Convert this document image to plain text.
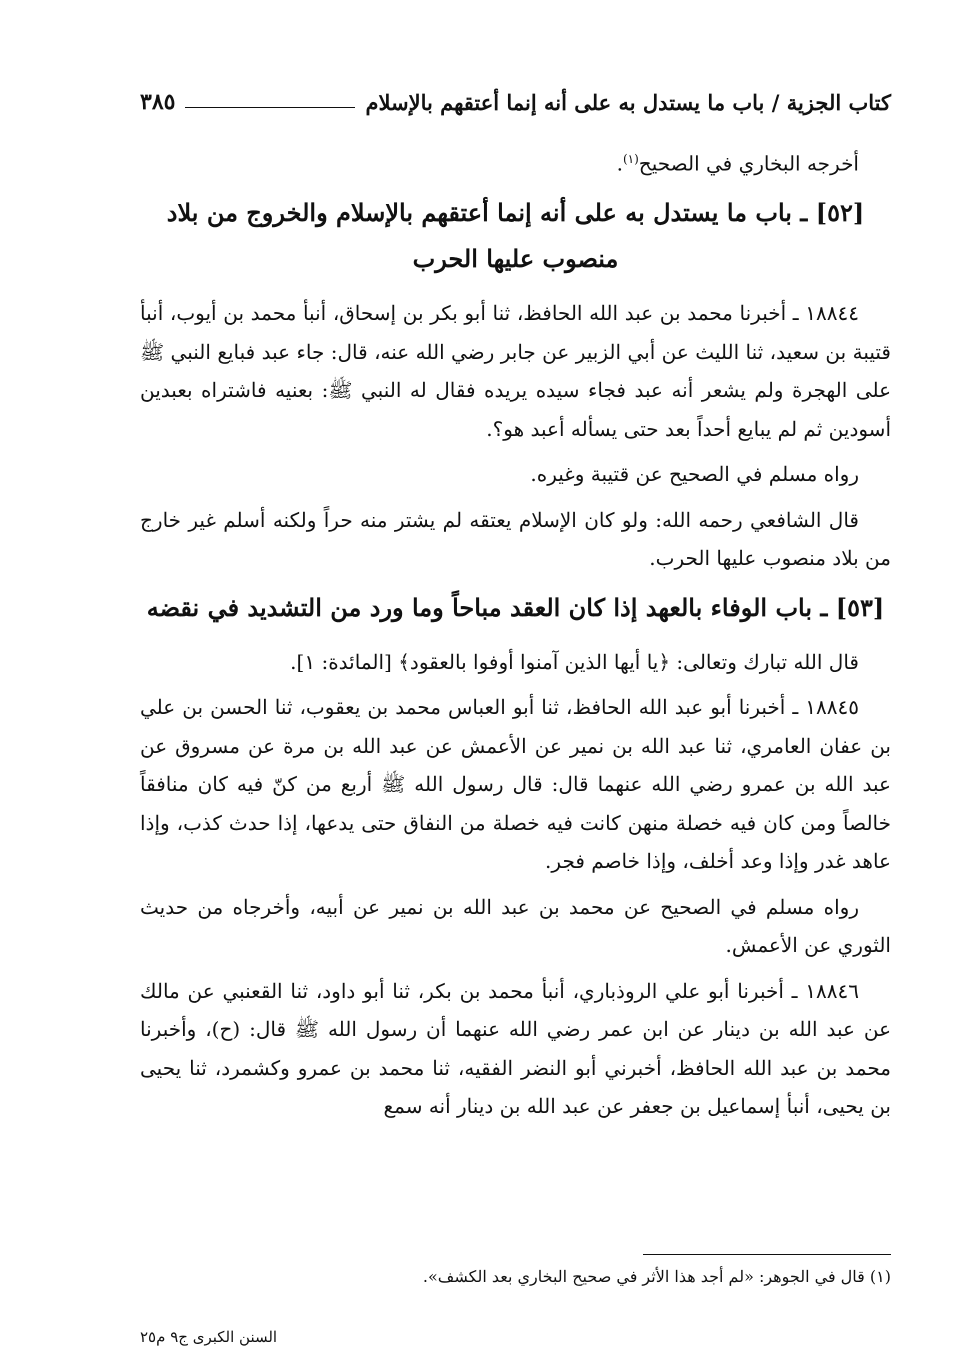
كتاب الجزية / باب ما يستدل به على أنه إنما أعتقهم بالإسلام
٣٨٥

أخرجه البخاري في الصحيح$^{(١)}$.

[٥٢] ـ باب ما يستدل به على أنه إنما أعتقهم بالإسلام والخروج من بلاد منصوب عليها الحرب

١٨٨٤٤ ـ أخبرنا محمد بن عبد الله الحافظ، ثنا أبو بكر بن إسحاق، أنبأ محمد بن أيوب، أنبأ قتيبة بن سعيد، ثنا الليث عن أبي الزبير عن جابر رضي الله عنه، قال: جاء عبد فبايع النبي ﷺ على الهجرة ولم يشعر أنه عبد فجاء سيده يريده فقال له النبي ﷺ: بعنيه فاشتراه بعبدين أسودين ثم لم يبايع أحداً بعد حتى يسأله أعبد هو؟.

رواه مسلم في الصحيح عن قتيبة وغيره.

قال الشافعي رحمه الله: ولو كان الإسلام يعتقه لم يشتر منه حراً ولكنه أسلم غير خارج من بلاد منصوب عليها الحرب.

[٥٣] ـ باب الوفاء بالعهد إذا كان العقد مباحاً وما ورد من التشديد في نقضه

قال الله تبارك وتعالى: ﴿يا أيها الذين آمنوا أوفوا بالعقود﴾ [المائدة: ١].

١٨٨٤٥ ـ أخبرنا أبو عبد الله الحافظ، ثنا أبو العباس محمد بن يعقوب، ثنا الحسن بن علي بن عفان العامري، ثنا عبد الله بن نمير عن الأعمش عن عبد الله بن مرة عن مسروق عن عبد الله بن عمرو رضي الله عنهما قال: قال رسول الله ﷺ أربع من كنّ فيه كان منافقاً خالصاً ومن كان فيه خصلة منهن كانت فيه خصلة من النفاق حتى يدعها، إذا حدث كذب، وإذا عاهد غدر وإذا وعد أخلف، وإذا خاصم فجر.

رواه مسلم في الصحيح عن محمد بن عبد الله بن نمير عن أبيه، وأخرجاه من حديث الثوري عن الأعمش.

١٨٨٤٦ ـ أخبرنا أبو علي الروذباري، أنبأ محمد بن بكر، ثنا أبو داود، ثنا القعنبي عن مالك عن عبد الله بن دينار عن ابن عمر رضي الله عنهما أن رسول الله ﷺ قال: (ح)، وأخبرنا محمد بن عبد الله الحافظ، أخبرني أبو النضر الفقيه، ثنا محمد بن عمرو وكشمرد، ثنا يحيى بن يحيى، أنبأ إسماعيل بن جعفر عن عبد الله بن دينار أنه سمع

(١) قال في الجوهر: «لم أجد هذا الأثر في صحيح البخاري بعد الكشف».

السنن الكبرى ج٩ م٢٥
